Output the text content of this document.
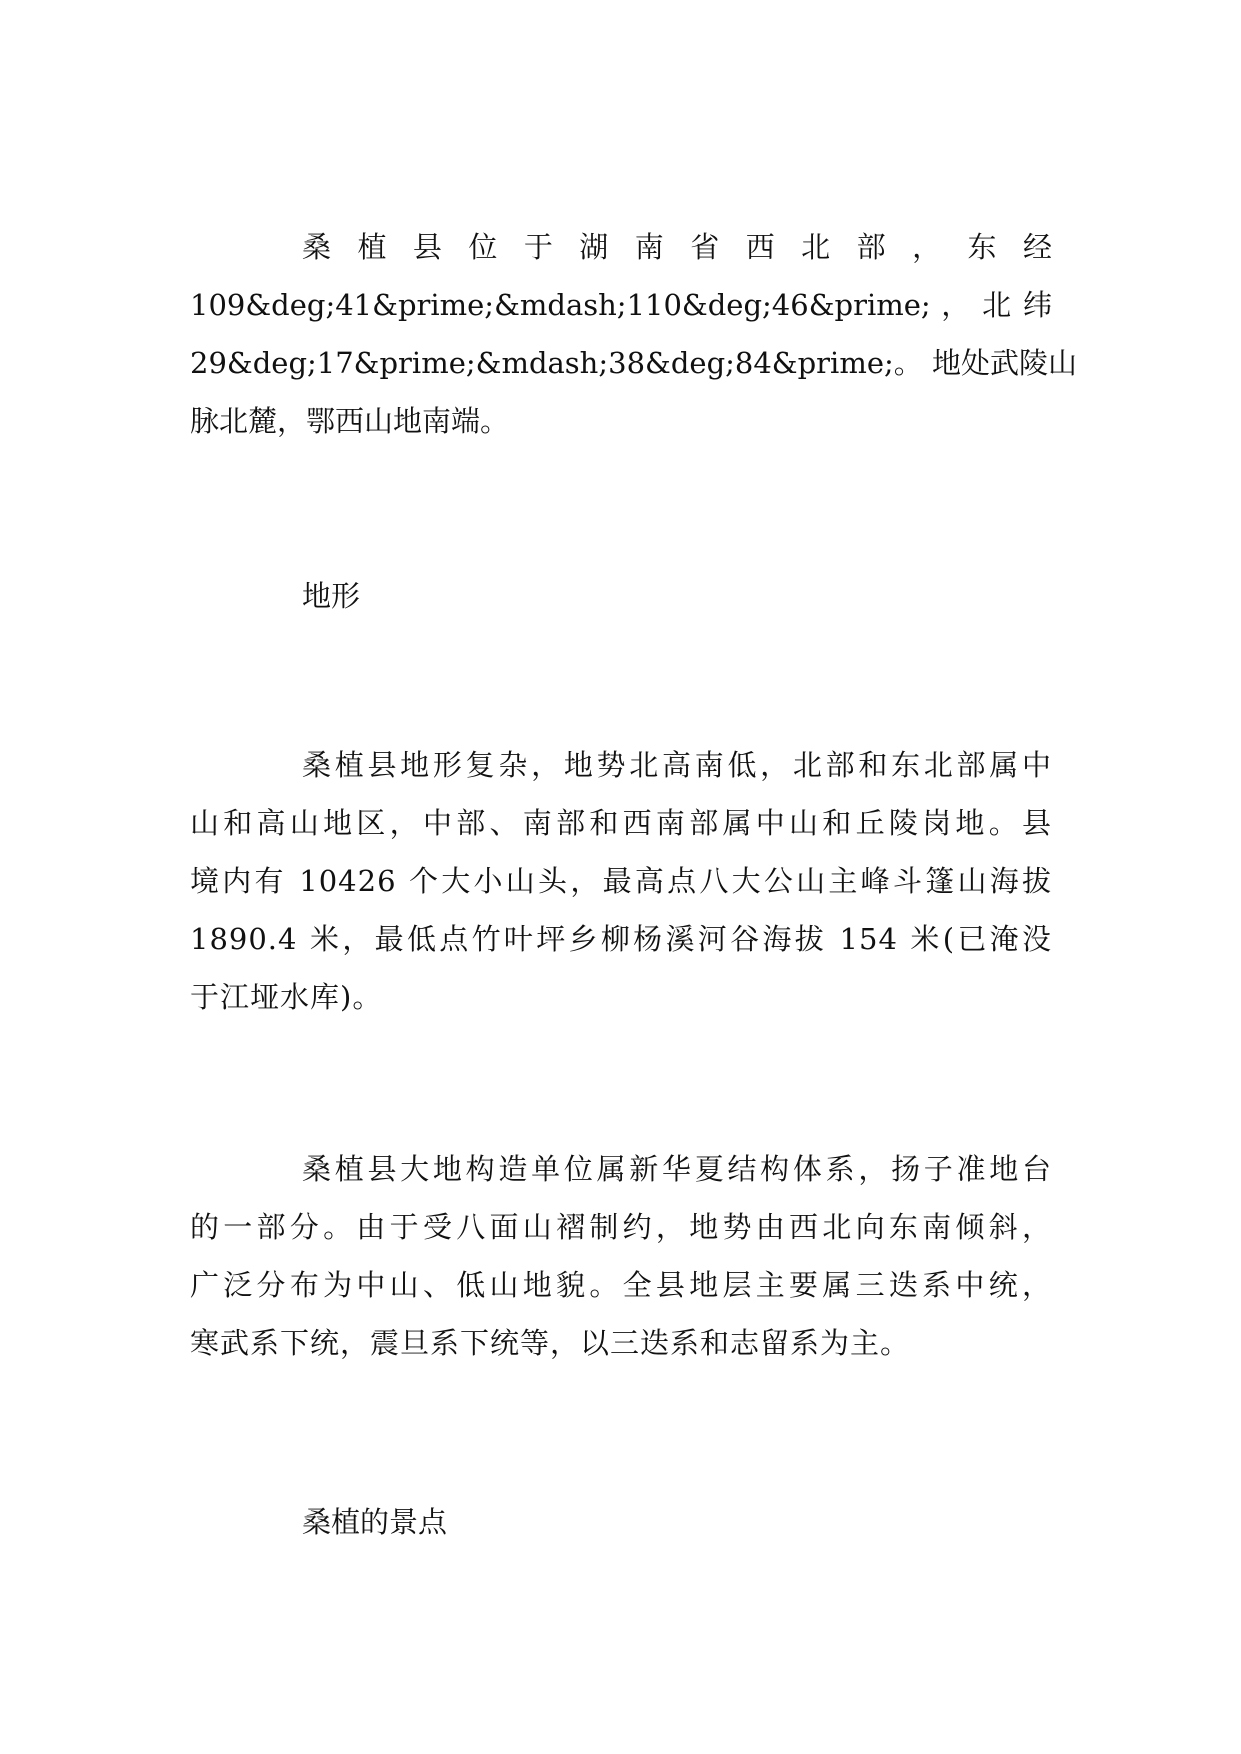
桑 植 县 位 于 湖 南 省 西 北 部 ， 东 经
109&deg;41&prime;&mdash;110&deg;46&prime; ， 北 纬
29&deg;17&prime;&mdash;38&deg;84&prime;。 地处武陵山
脉北麓，鄂西山地南端。
地形
桑植县地形复杂，地势北高南低，北部和东北部属中
山和高山地区，中部、南部和西南部属中山和丘陵岗地。县
境内有 10426 个大小山头，最高点八大公山主峰斗篷山海拔
1890.4 米，最低点竹叶坪乡柳杨溪河谷海拔 154 米(已淹没
于江垭水库)。
桑植县大地构造单位属新华夏结构体系，扬子准地台
的一部分。由于受八面山褶制约，地势由西北向东南倾斜，
广泛分布为中山、低山地貌。全县地层主要属三迭系中统，
寒武系下统，震旦系下统等，以三迭系和志留系为主。
桑植的景点
